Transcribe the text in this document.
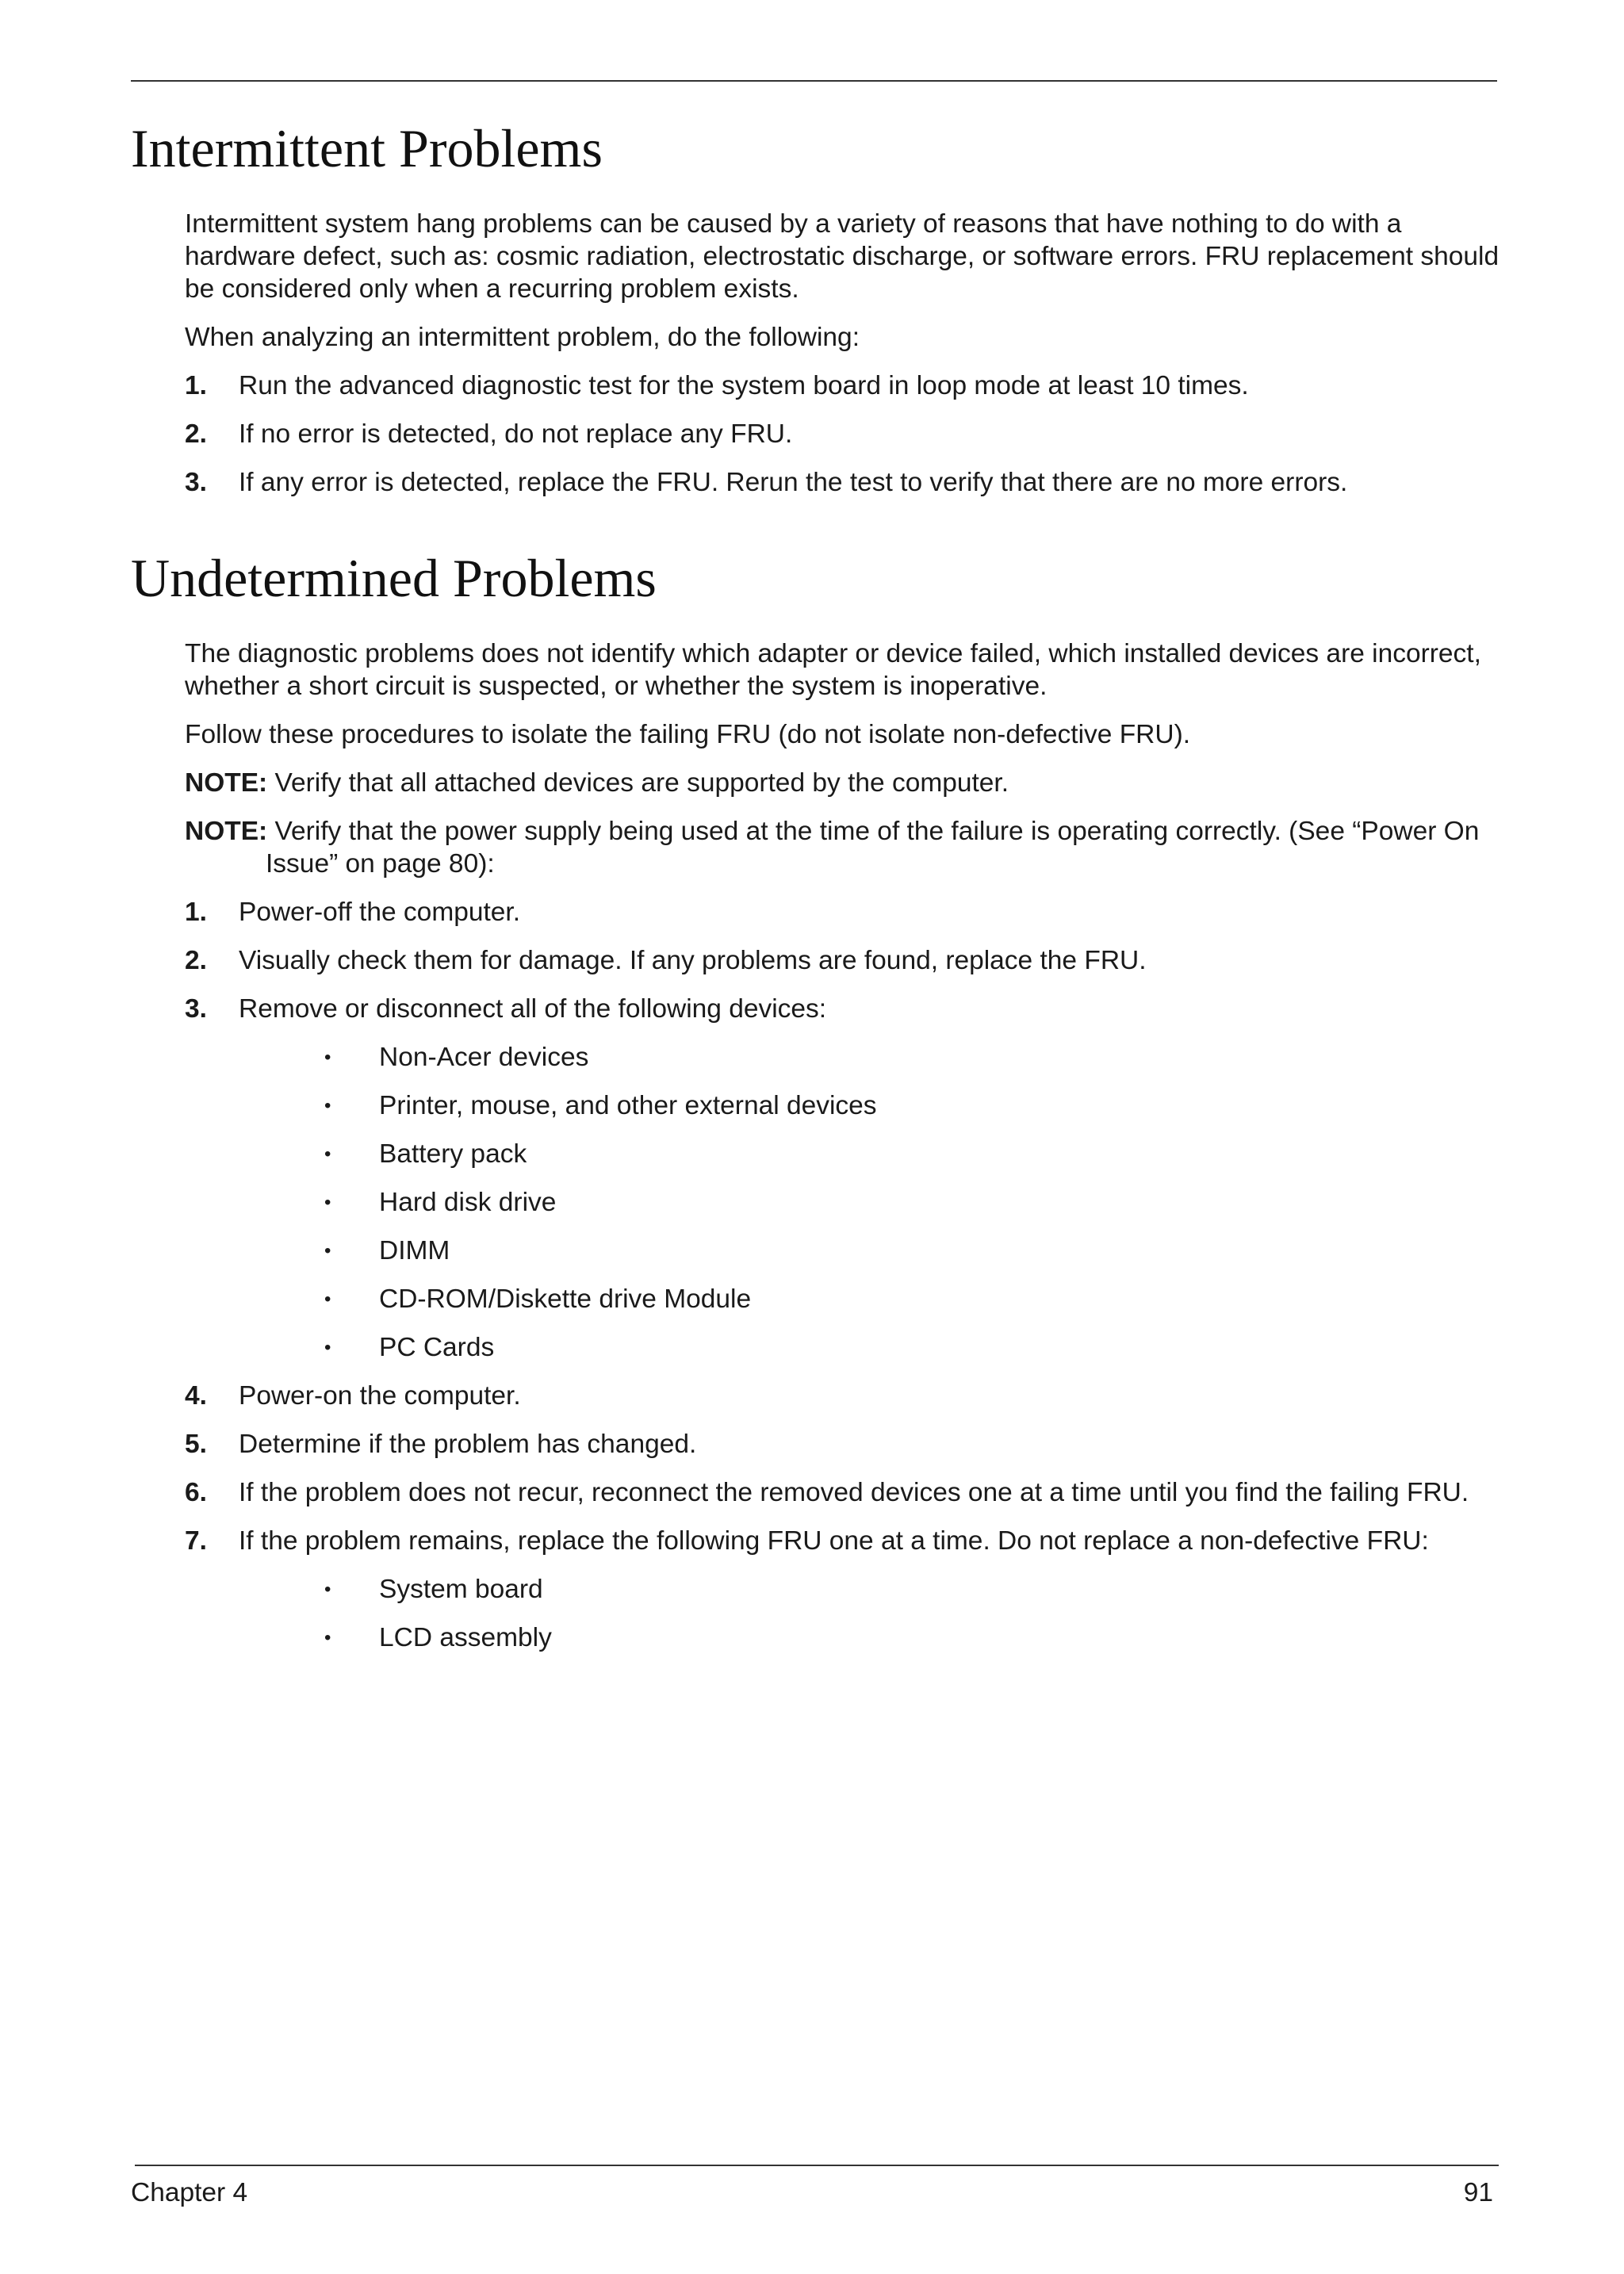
Intermittent Problems

Intermittent system hang problems can be caused by a variety of reasons that have nothing to do with a hardware defect, such as: cosmic radiation, electrostatic discharge, or software errors. FRU replacement should be considered only when a recurring problem exists.

When analyzing an intermittent problem, do the following:

1. Run the advanced diagnostic test for the system board in loop mode at least 10 times.
2. If no error is detected, do not replace any FRU.
3. If any error is detected, replace the FRU. Rerun the test to verify that there are no more errors.
Undetermined Problems

The diagnostic problems does not identify which adapter or device failed, which installed devices are incorrect, whether a short circuit is suspected, or whether the system is inoperative.

Follow these procedures to isolate the failing FRU (do not isolate non-defective FRU).

NOTE: Verify that all attached devices are supported by the computer.

NOTE: Verify that the power supply being used at the time of the failure is operating correctly. (See “Power On Issue” on page 80):

1. Power-off the computer.
2. Visually check them for damage. If any problems are found, replace the FRU.
3. Remove or disconnect all of the following devices:
• Non-Acer devices
• Printer, mouse, and other external devices
• Battery pack
• Hard disk drive
• DIMM
• CD-ROM/Diskette drive Module
• PC Cards
4. Power-on the computer.
5. Determine if the problem has changed.
6. If the problem does not recur, reconnect the removed devices one at a time until you find the failing FRU.
7. If the problem remains, replace the following FRU one at a time. Do not replace a non-defective FRU:
• System board
• LCD assembly
Chapter 4	91
